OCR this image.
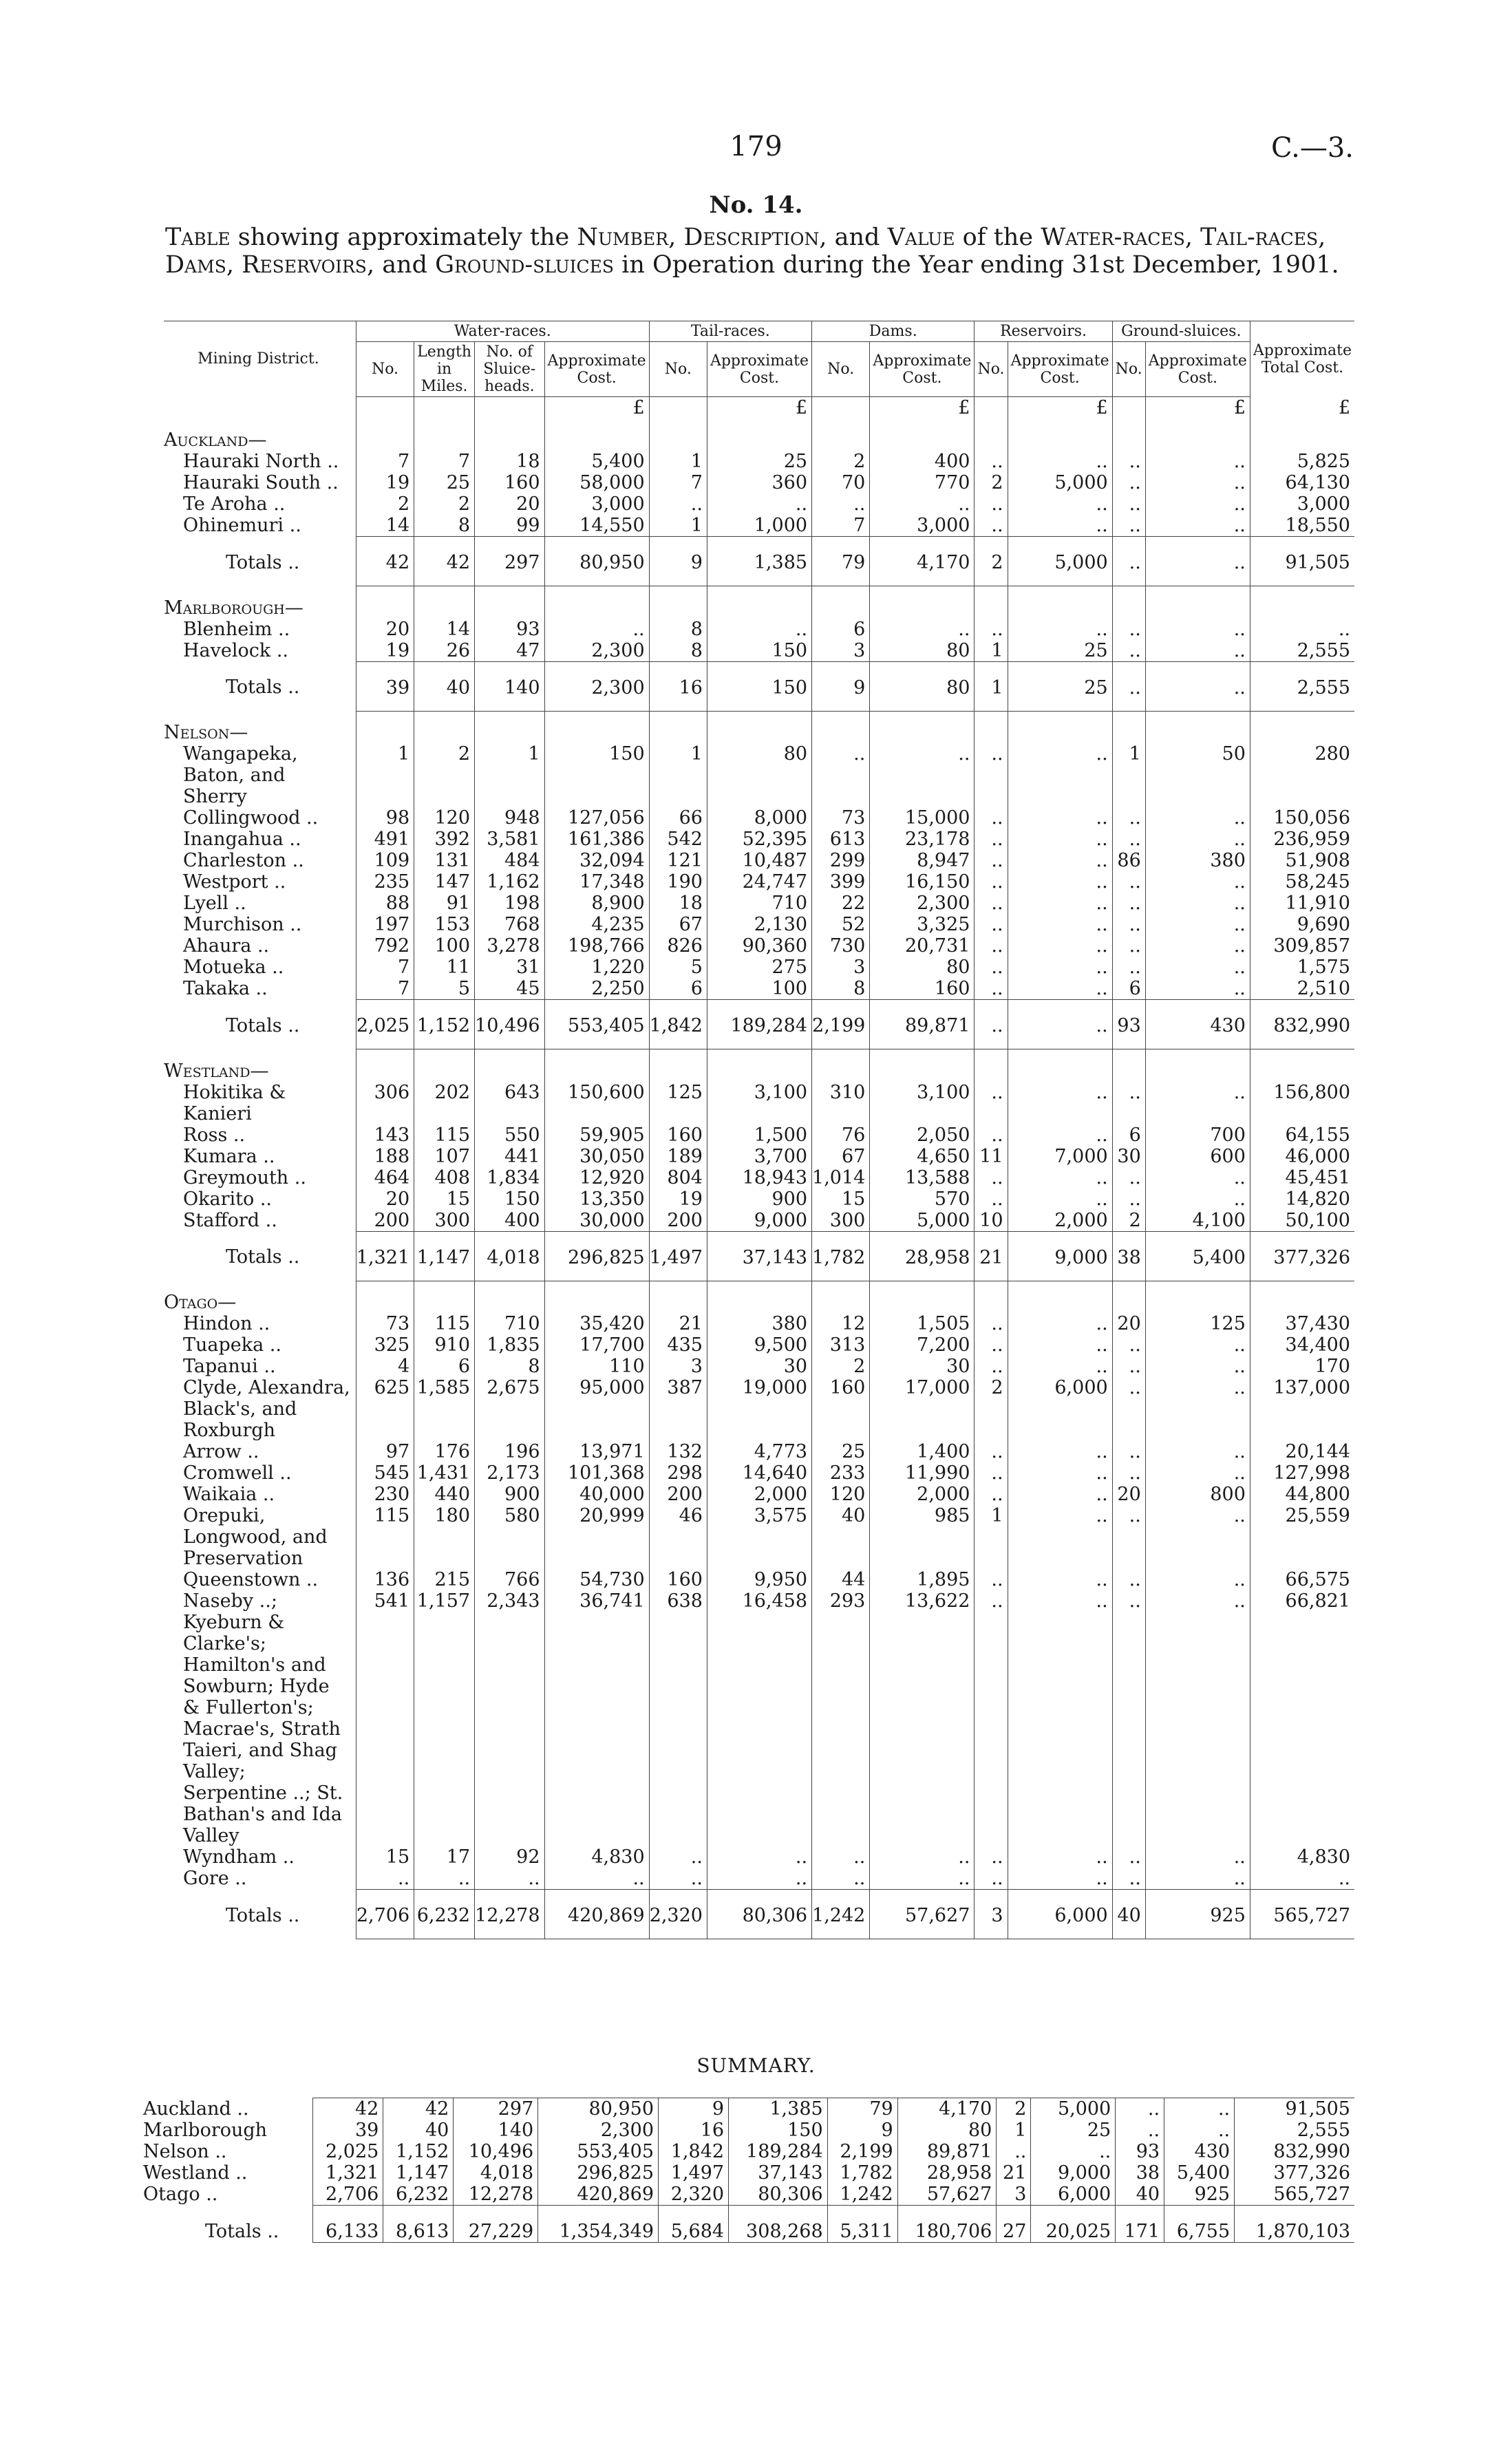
179	C.—3.
No. 14.
Table showing approximately the Number, Description, and Value of the Water-races, Tail-races, Dams, Reservoirs, and Ground-sluices in Operation during the Year ending 31st December, 1901.
Mining District.	Water-races.				Tail-races.		Dams.		Reservoirs.		Ground-sluices.		Approximate Total Cost.
	No.	Length in Miles.	No. of Sluice-heads.	Approximate Cost.	No.	Approximate Cost.	No.	Approximate Cost.	No.	Approximate Cost.	No.	Approximate Cost.	
				£		£		£		£		£	£
Auckland—													
Hauraki North ..	7	7	18	5,400	1	25	2	400	..	..	..	..	5,825
Hauraki South ..	19	25	160	58,000	7	360	70	770	2	5,000	..	..	64,130
Te Aroha ..	2	2	20	3,000	..	..	..	..	..	..	..	..	3,000
Ohinemuri ..	14	8	99	14,550	1	1,000	7	3,000	..	..	..	..	18,550
Totals ..	42	42	297	80,950	9	1,385	79	4,170	2	5,000	..	..	91,505
Marlborough—													
Blenheim ..	20	14	93	..	8	..	6	..	..	..	..	..	..
Havelock ..	19	26	47	2,300	8	150	3	80	1	25	..	..	2,555
Totals ..	39	40	140	2,300	16	150	9	80	1	25	..	..	2,555
Nelson—													
Wangapeka, Baton, and Sherry	1	2	1	150	1	80	..	..	..	..	1	50	280
Collingwood ..	98	120	948	127,056	66	8,000	73	15,000	..	..	..	..	150,056
Inangahua ..	491	392	3,581	161,386	542	52,395	613	23,178	..	..	..	..	236,959
Charleston ..	109	131	484	32,094	121	10,487	299	8,947	..	..	86	380	51,908
Westport ..	235	147	1,162	17,348	190	24,747	399	16,150	..	..	..	..	58,245
Lyell ..	88	91	198	8,900	18	710	22	2,300	..	..	..	..	11,910
Murchison ..	197	153	768	4,235	67	2,130	52	3,325	..	..	..	..	9,690
Ahaura ..	792	100	3,278	198,766	826	90,360	730	20,731	..	..	..	..	309,857
Motueka ..	7	11	31	1,220	5	275	3	80	..	..	..	..	1,575
Takaka ..	7	5	45	2,250	6	100	8	160	..	..	6	..	2,510
Totals ..	2,025	1,152	10,496	553,405	1,842	189,284	2,199	89,871	..	..	93	430	832,990
Westland—													
Hokitika & Kanieri	306	202	643	150,600	125	3,100	310	3,100	..	..	..	..	156,800
Ross ..	143	115	550	59,905	160	1,500	76	2,050	..	..	6	700	64,155
Kumara ..	188	107	441	30,050	189	3,700	67	4,650	11	7,000	30	600	46,000
Greymouth ..	464	408	1,834	12,920	804	18,943	1,014	13,588	..	..	..	..	45,451
Okarito ..	20	15	150	13,350	19	900	15	570	..	..	..	..	14,820
Stafford ..	200	300	400	30,000	200	9,000	300	5,000	10	2,000	2	4,100	50,100
Totals ..	1,321	1,147	4,018	296,825	1,497	37,143	1,782	28,958	21	9,000	38	5,400	377,326
Otago—													
Hindon ..	73	115	710	35,420	21	380	12	1,505	..	..	20	125	37,430
Tuapeka ..	325	910	1,835	17,700	435	9,500	313	7,200	..	..	..	..	34,400
Tapanui ..	4	6	8	110	3	30	2	30	..	..	..	..	170
Clyde, Alexandra, Black's, and Roxburgh	625	1,585	2,675	95,000	387	19,000	160	17,000	2	6,000	..	..	137,000
Arrow ..	97	176	196	13,971	132	4,773	25	1,400	..	..	..	..	20,144
Cromwell ..	545	1,431	2,173	101,368	298	14,640	233	11,990	..	..	..	..	127,998
Waikaia ..	230	440	900	40,000	200	2,000	120	2,000	..	..	20	800	44,800
Orepuki, Longwood, and Preservation	115	180	580	20,999	46	3,575	40	985	1	..	..	..	25,559
Queenstown ..	136	215	766	54,730	160	9,950	44	1,895	..	..	..	..	66,575
Naseby ..; Kyeburn & Clarke's; Hamilton's and Sowburn; Hyde & Fullerton's; Macrae's, Strath Taieri, and Shag Valley; Serpentine ..; St. Bathan's and Ida Valley	541	1,157	2,343	36,741	638	16,458	293	13,622	..	..	..	..	66,821
Wyndham ..	15	17	92	4,830	..	..	..	..	..	..	..	..	4,830
Gore ..	..	..	..	..	..	..	..	..	..	..	..	..	..
Totals ..	2,706	6,232	12,278	420,869	2,320	80,306	1,242	57,627	3	6,000	40	925	565,727
SUMMARY.
Auckland ..	42	42	297	80,950	9	1,385	79	4,170	2	5,000	..	..	91,505
Marlborough	39	40	140	2,300	16	150	9	80	1	25	..	..	2,555
Nelson ..	2,025	1,152	10,496	553,405	1,842	189,284	2,199	89,871	..	..	93	430	832,990
Westland ..	1,321	1,147	4,018	296,825	1,497	37,143	1,782	28,958	21	9,000	38	5,400	377,326
Otago ..	2,706	6,232	12,278	420,869	2,320	80,306	1,242	57,627	3	6,000	40	925	565,727
Totals ..	6,133	8,613	27,229	1,354,349	5,684	308,268	5,311	180,706	27	20,025	171	6,755	1,870,103
